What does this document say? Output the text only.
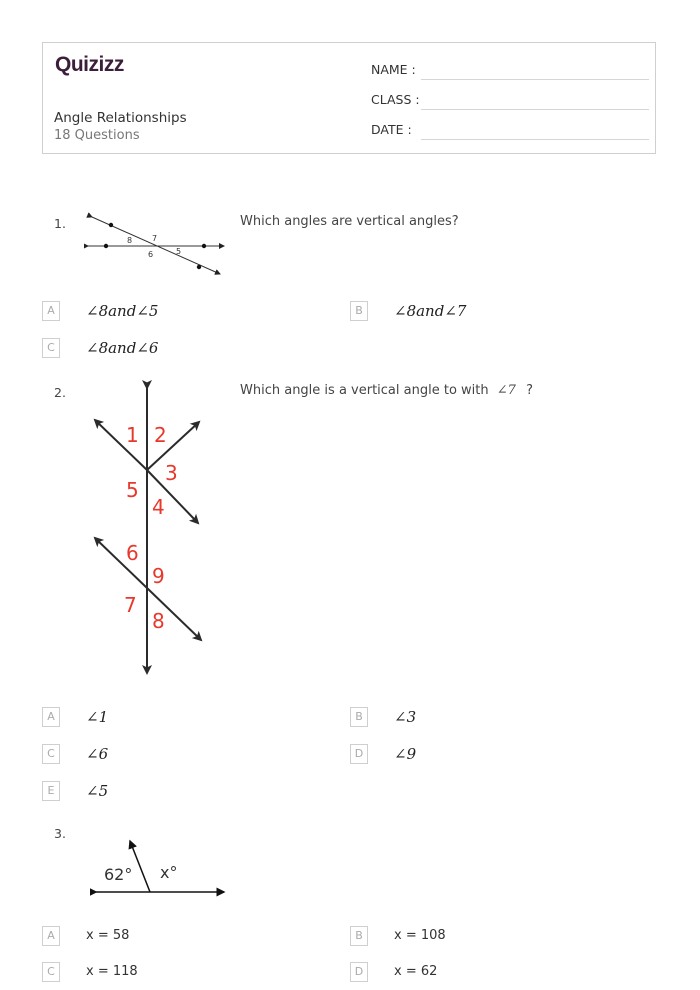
Quizizz
Angle Relationships
18 Questions
NAME :
CLASS :
DATE :
1.	Which angles are vertical angles?
8 7
6	5
A	∠8and∠5	B	∠8and∠7
C	∠8and∠6
2.	Which angle is a vertical angle to with ∠7 ?
1 2
3
4
5
6
7
8
9
A	∠1	B	∠3
C	∠6	D	∠9
E	∠5
3.
62° x°
A	x = 58	B	x = 108
C	x = 118	D	x = 62
